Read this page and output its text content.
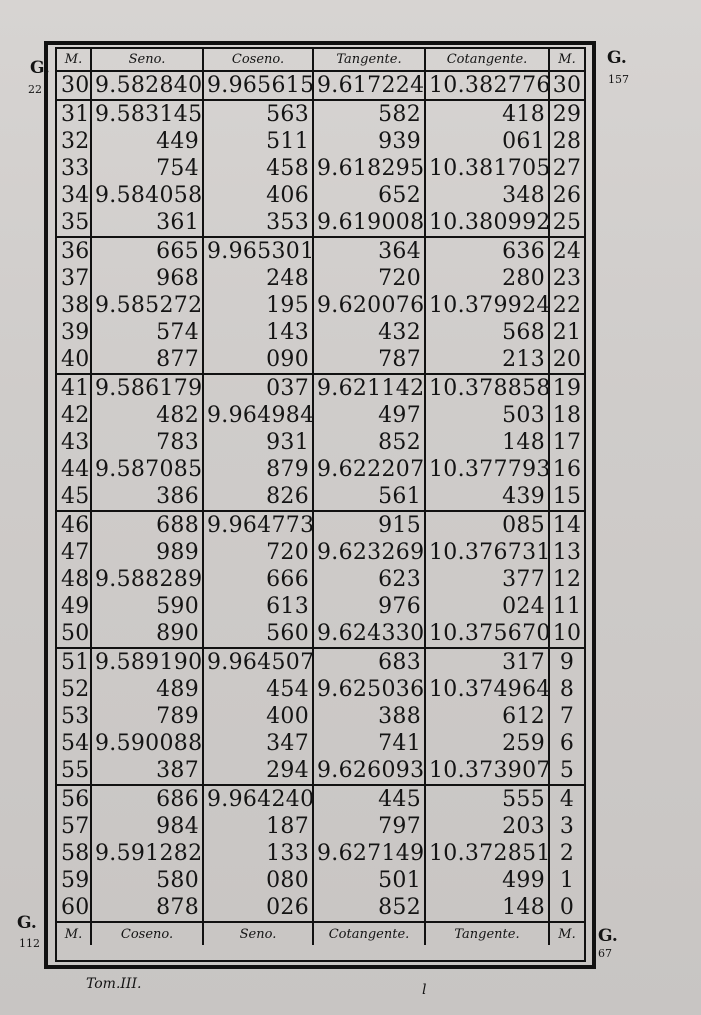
G.
22
G.
157
G.
112	G.
67
M.	Seno.	Coseno.	Tangente.	Cotangente.	M.
30	9.582840	9.965615	9.617224	10.382776	30
31	9.583145	563	582	418	29
32	449	511	939	061	28
33	754	458	9.618295	10.381705	27
34	9.584058	406	652	348	26
35	361	353	9.619008	10.380992	25
36	665	9.965301	364	636	24
37	968	248	720	280	23
38	9.585272	195	9.620076	10.379924	22
39	574	143	432	568	21
40	877	090	787	213	20
41	9.586179	037	9.621142	10.378858	19
42	482	9.964984	497	503	18
43	783	931	852	148	17
44	9.587085	879	9.622207	10.377793	16
45	386	826	561	439	15
46	688	9.964773	915	085	14
47	989	720	9.623269	10.376731	13
48	9.588289	666	623	377	12
49	590	613	976	024	11
50	890	560	9.624330	10.375670	10
51	9.589190	9.964507	683	317	9
52	489	454	9.625036	10.374964	8
53	789	400	388	612	7
54	9.590088	347	741	259	6
55	387	294	9.626093	10.373907	5
56	686	9.964240	445	555	4
57	984	187	797	203	3
58	9.591282	133	9.627149	10.372851	2
59	580	080	501	499	1
60	878	026	852	148	0
M.	Coseno.	Seno.	Cotangente.	Tangente.	M.
Tom.III.	l
